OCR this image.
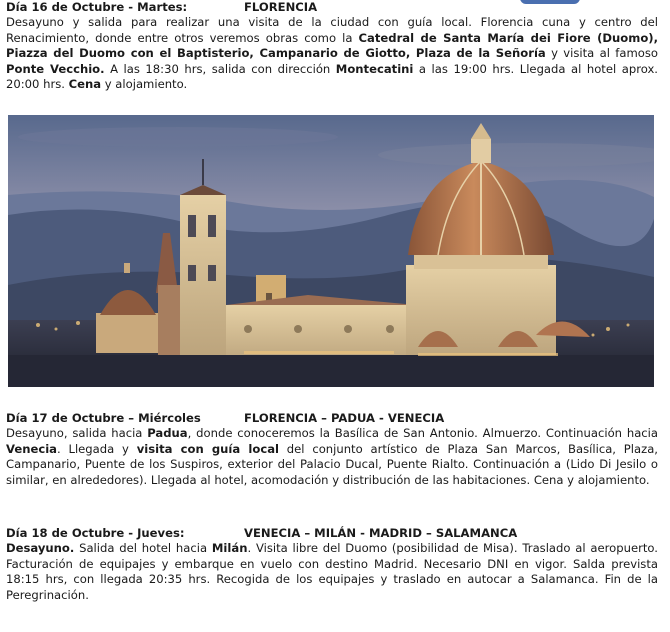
Día 16 de Octubre - Martes:	FLORENCIA

Desayuno y salida para realizar una visita de la ciudad con guía local. Florencia cuna y centro del Renacimiento, donde entre otros veremos obras como la Catedral de Santa María dei Fiore (Duomo), Piazza del Duomo con el Baptisterio, Campanario de Giotto, Plaza de la Señoría y visita al famoso Ponte Vecchio. A las 18:30 hrs, salida con dirección Montecatini a las 19:00 hrs. Llegada al hotel aprox. 20:00 hrs. Cena y alojamiento.

Día 17 de Octubre – Miércoles	FLORENCIA – PADUA - VENECIA

Desayuno, salida hacia Padua, donde conoceremos la Basílica de San Antonio. Almuerzo. Continuación hacia Venecia. Llegada y visita con guía local del conjunto artístico de Plaza San Marcos, Basílica, Plaza, Campanario, Puente de los Suspiros, exterior del Palacio Ducal, Puente Rialto. Continuación a (Lido Di Jesilo o similar, en alrededores). Llegada al hotel, acomodación y distribución de las habitaciones. Cena y alojamiento.

Día 18 de Octubre - Jueves:	VENECIA – MILÁN - MADRID – SALAMANCA

Desayuno. Salida del hotel hacia Milán. Visita libre del Duomo (posibilidad de Misa). Traslado al aeropuerto. Facturación de equipajes y embarque en vuelo con destino Madrid. Necesario DNI en vigor. Salda prevista 18:15 hrs, con llegada 20:35 hrs. Recogida de los equipajes y traslado en autocar a Salamanca. Fin de la Peregrinación.
